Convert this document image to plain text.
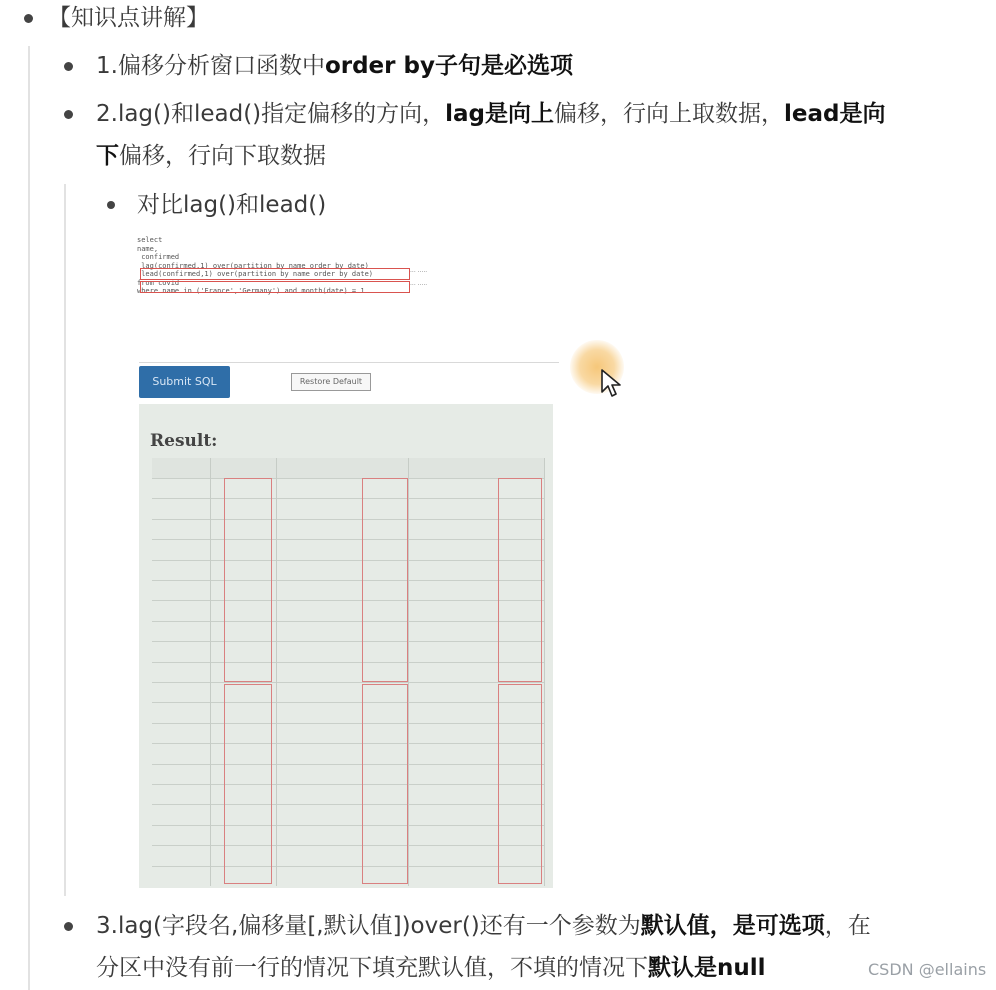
【知识点讲解】
1.偏移分析窗口函数中order by子句是必选项
2.lag()和lead()指定偏移的方向，lag是向上偏移，行向上取数据，lead是向
下偏移，行向下取数据
对比lag()和lead()
select
name,
confirmed
lag(confirmed,1) over(partition by name order by date)
lead(confirmed,1) over(partition by name order by date)
from covid
where name in ('France','Germany') and month(date) = 1
··· ·····
··· ·····
Submit SQL	Restore Default
Result:
3.lag(字段名,偏移量[,默认值])over()还有一个参数为默认值，是可选项，在
分区中没有前一行的情况下填充默认值，不填的情况下默认是null	CSDN @ellains
